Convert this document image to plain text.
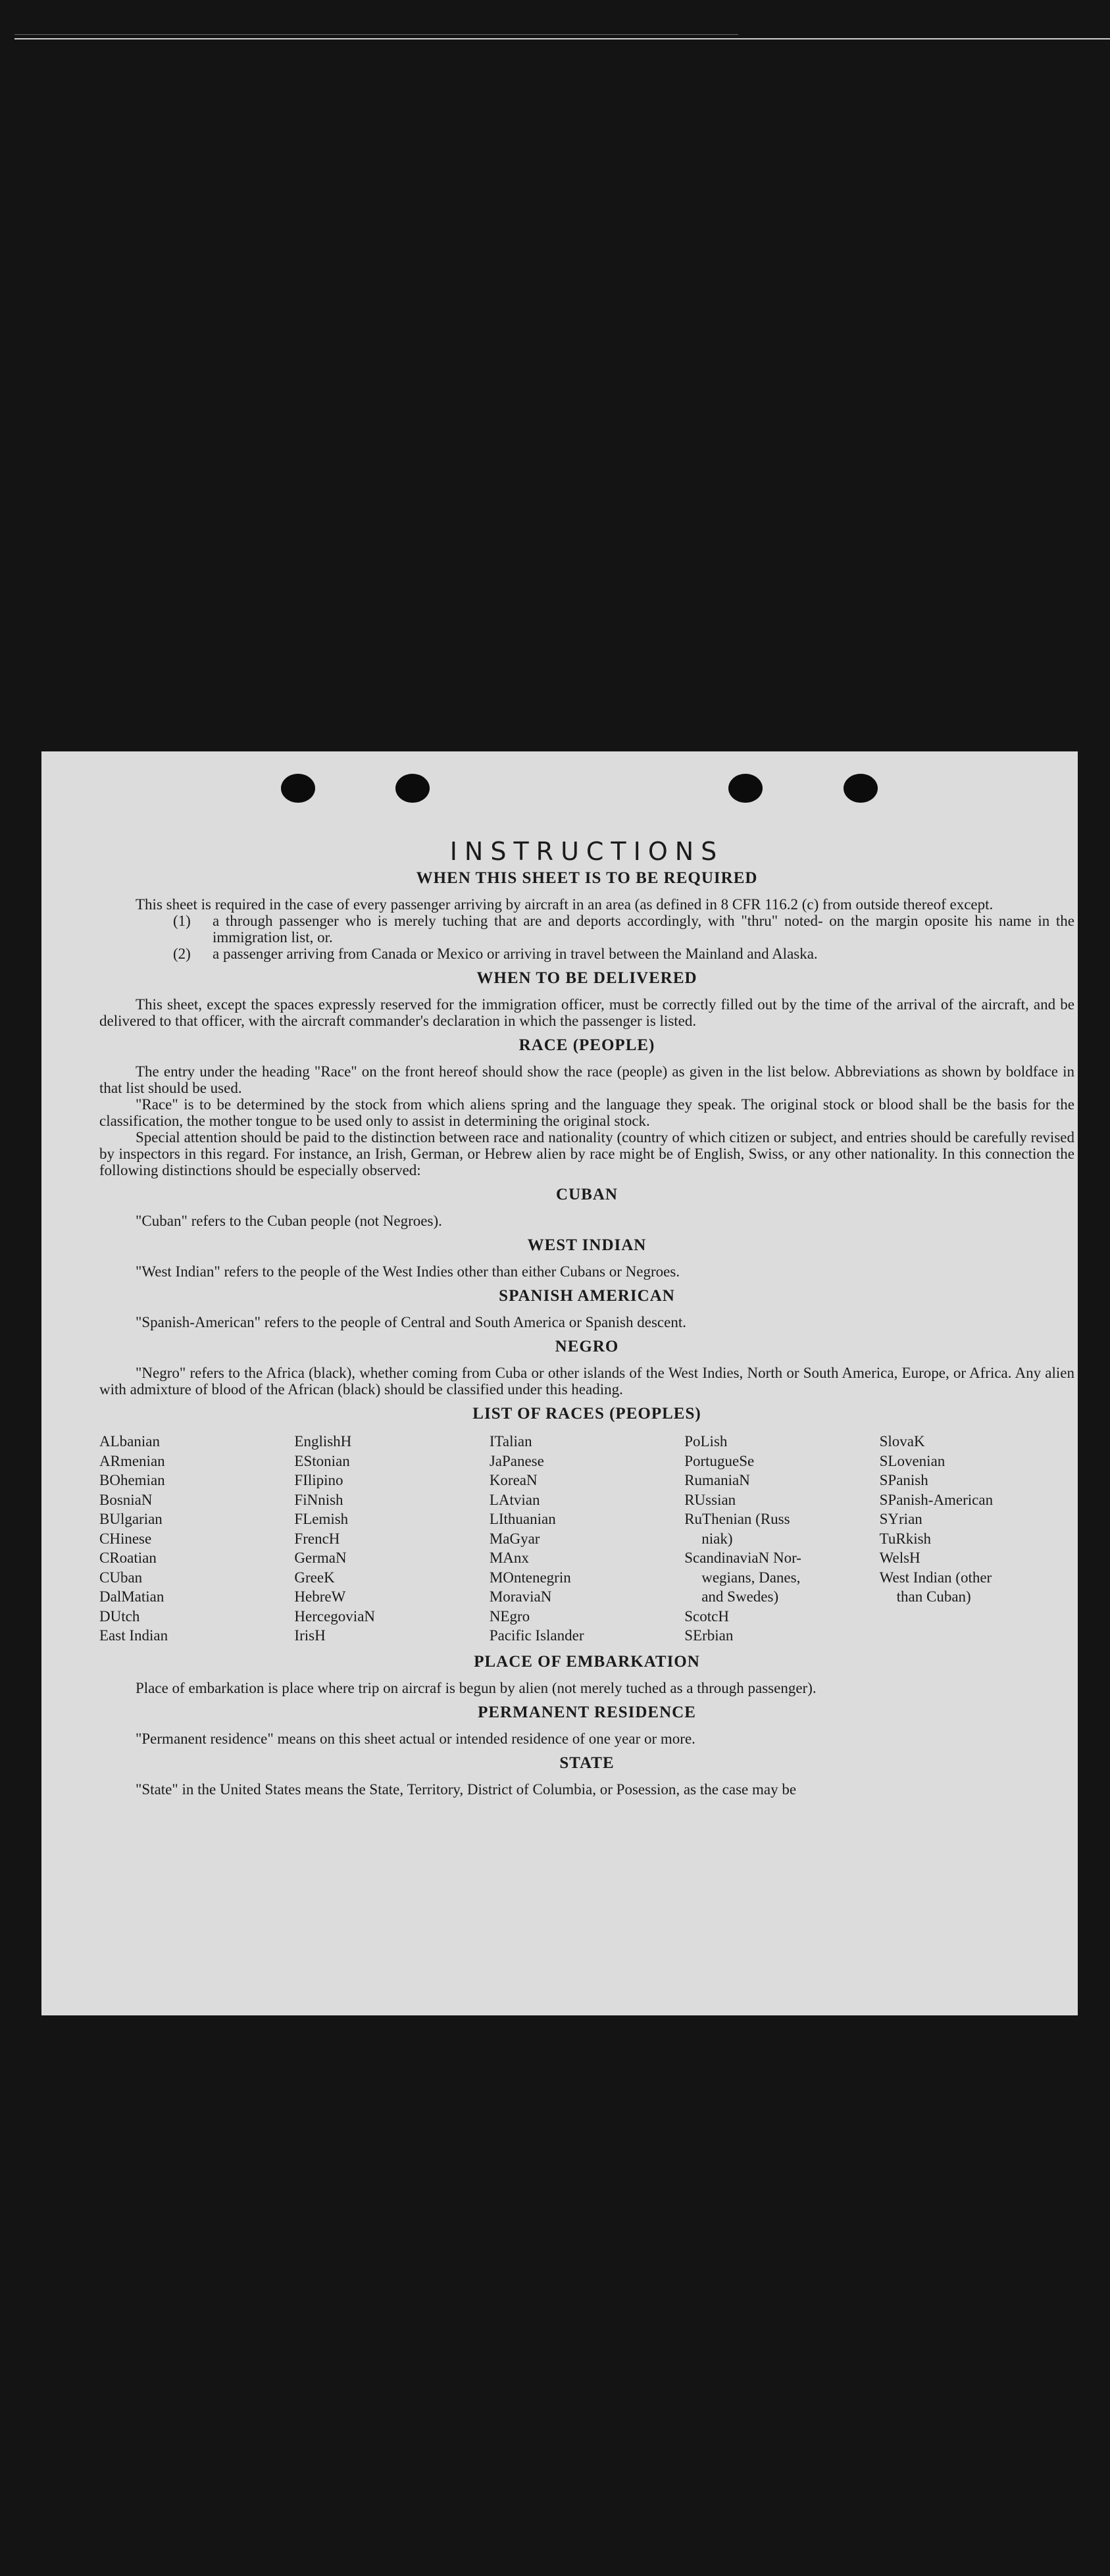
INSTRUCTIONS
WHEN THIS SHEET IS TO BE REQUIRED

This sheet is required in the case of every passenger arriving by aircraft in an area (as defined in 8 CFR 116.2 (c) from outside thereof except.

(1)	a through passenger who is merely tuching that are and deports accordingly, with "thru" noted- on the margin oposite his name in the immigration list, or.
(2)	a passenger arriving from Canada or Mexico or arriving in travel between the Mainland and Alaska.
WHEN TO BE DELIVERED

This sheet, except the spaces expressly reserved for the immigration officer, must be correctly filled out by the time of the arrival of the aircraft, and be delivered to that officer, with the aircraft commander's declaration in which the passenger is listed.

RACE (PEOPLE)

The entry under the heading "Race" on the front hereof should show the race (people) as given in the list below. Abbreviations as shown by boldface in that list should be used.

"Race" is to be determined by the stock from which aliens spring and the language they speak. The original stock or blood shall be the basis for the classification, the mother tongue to be used only to assist in determining the original stock.

Special attention should be paid to the distinction between race and nationality (country of which citizen or subject, and entries should be carefully revised by inspectors in this regard. For instance, an Irish, German, or Hebrew alien by race might be of English, Swiss, or any other nationality. In this connection the following distinctions should be especially observed:

CUBAN

"Cuban" refers to the Cuban people (not Negroes).

WEST INDIAN

"West Indian" refers to the people of the West Indies other than either Cubans or Negroes.

SPANISH AMERICAN

"Spanish-American" refers to the people of Central and South America or Spanish descent.

NEGRO

"Negro" refers to the Africa (black), whether coming from Cuba or other islands of the West Indies, North or South America, Europe, or Africa. Any alien with admixture of blood of the African (black) should be classified under this heading.

LIST OF RACES (PEOPLES)
ALbanian
ARmenian
BOhemian
BosniaN
BUlgarian
CHinese
CRoatian
CUban
DalMatian
DUtch
East Indian
EnglishH
EStonian
FIlipino
FiNnish
FLemish
FrencH
GermaN
GreeK
HebreW
HercegoviaN
IrisH
ITalian
JaPanese
KoreaN
LAtvian
LIthuanian
MaGyar
MAnx
MOntenegrin
MoraviaN
NEgro
Pacific Islander
PoLish
PortugueSe
RumaniaN
RUssian
RuThenian (Russ
niak)
ScandinaviaN Nor-
wegians, Danes,
and Swedes)
ScotcH
SErbian
SlovaK
SLovenian
SPanish
SPanish-American
SYrian
TuRkish
WelsH
West Indian (other
than Cuban)
PLACE OF EMBARKATION

Place of embarkation is place where trip on aircraf is begun by alien (not merely tuched as a through passenger).

PERMANENT RESIDENCE

"Permanent residence" means on this sheet actual or intended residence of one year or more.

STATE

"State" in the United States means the State, Territory, District of Columbia, or Posession, as the case may be
